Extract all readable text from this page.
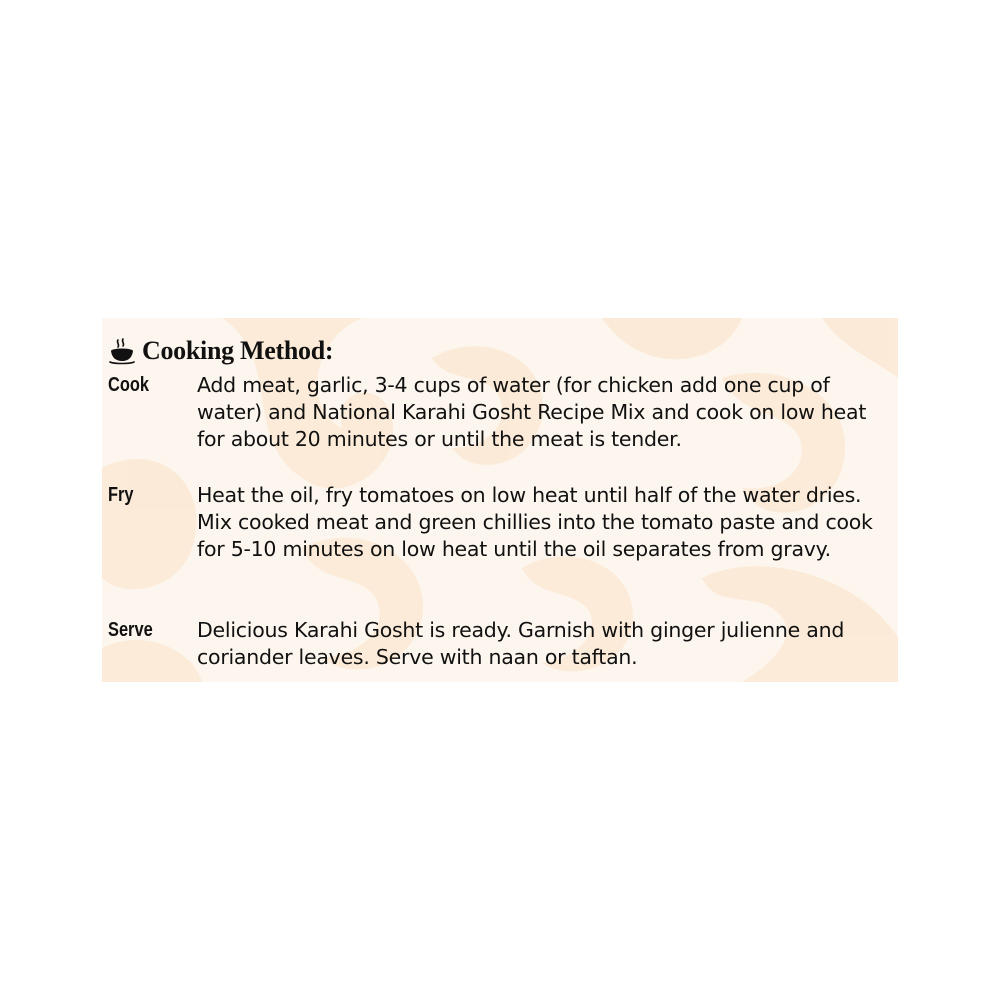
Cooking Method:
Cook	Add meat, garlic, 3-4 cups of water (for chicken add one cup of water) and National Karahi Gosht Recipe Mix and cook on low heat for about 20 minutes or until the meat is tender.
Fry	Heat the oil, fry tomatoes on low heat until half of the water dries. Mix cooked meat and green chillies into the tomato paste and cook for 5-10 minutes on low heat until the oil separates from gravy.
Serve	Delicious Karahi Gosht is ready. Garnish with ginger julienne and coriander leaves. Serve with naan or taftan.
